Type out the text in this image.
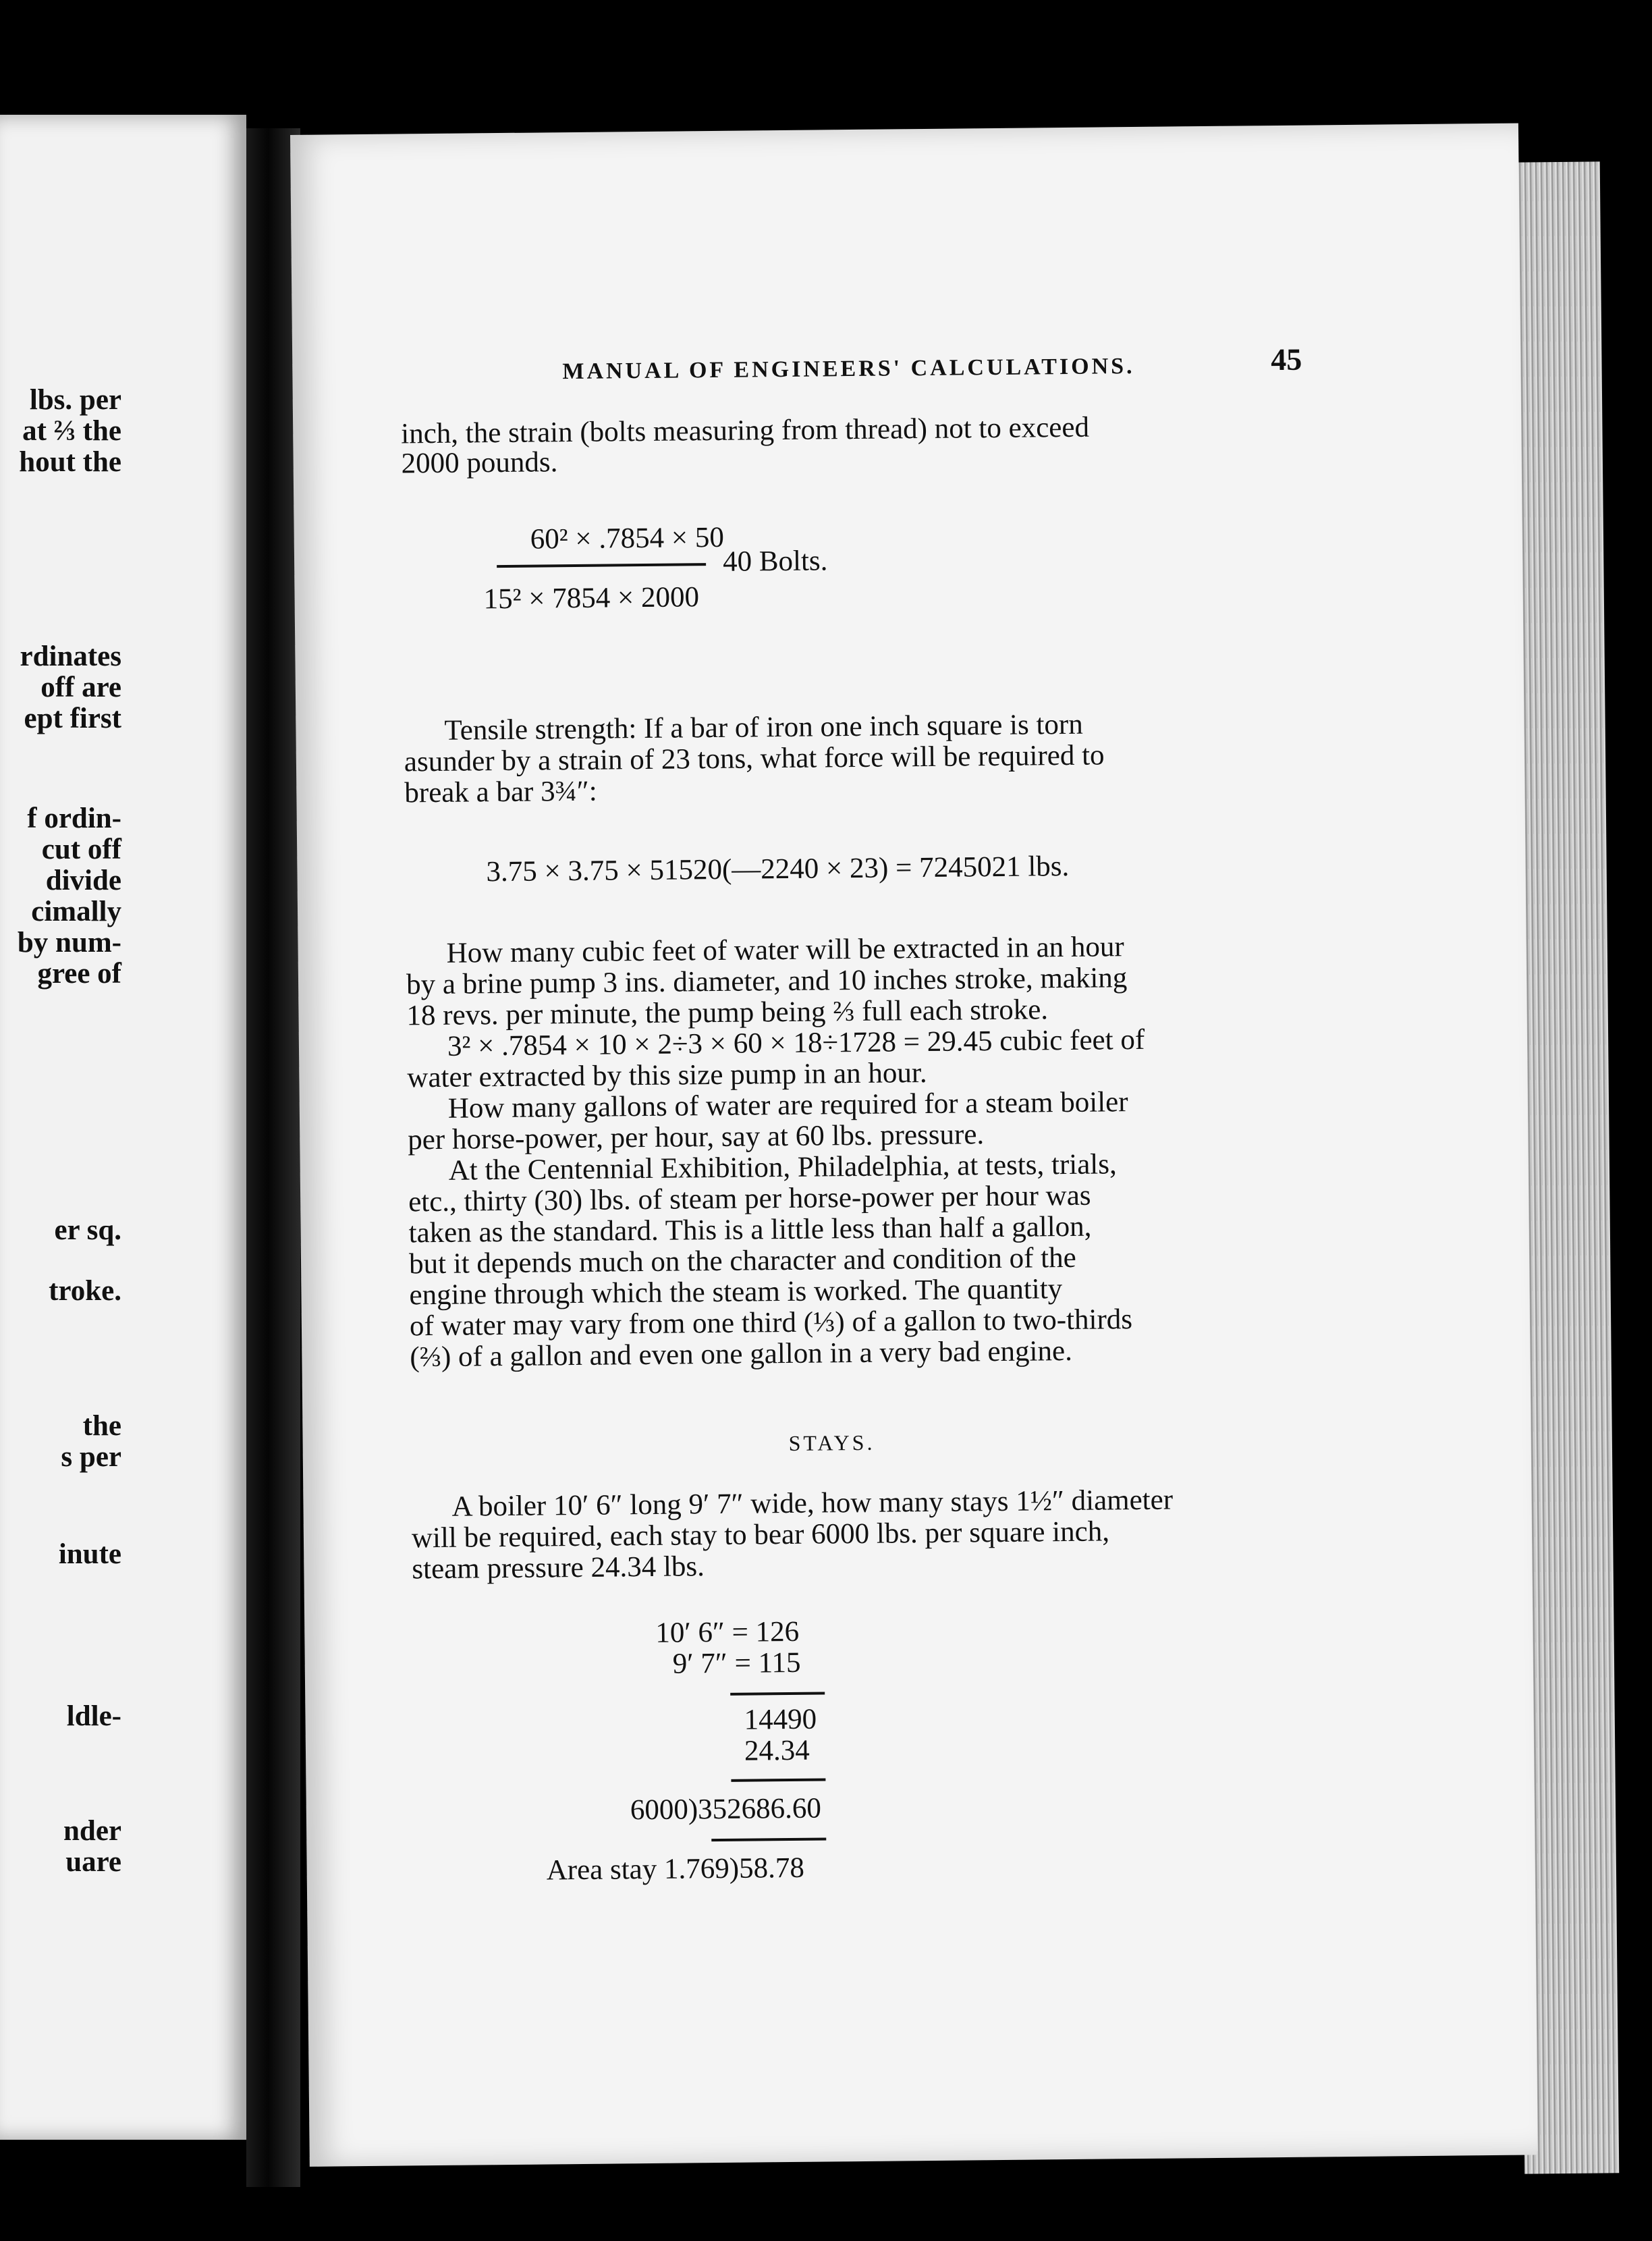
lbs. per
at ⅔ the
hout the
rdinates
off are
ept first
f ordin-
cut off
divide
cimally
by num-
gree of
er sq.
troke.
the
s per
inute
ldle-
nder
uare
MANUAL OF ENGINEERS' CALCULATIONS.	45
inch, the strain (bolts measuring from thread) not to exceed
2000 pounds.
60² × .7854 × 50
40 Bolts.
15² × 7854 × 2000
Tensile strength: If a bar of iron one inch square is torn
asunder by a strain of 23 tons, what force will be required to
break a bar 3¾″:
3.75 × 3.75 × 51520(—2240 × 23) = 7245021 lbs.
How many cubic feet of water will be extracted in an hour
by a brine pump 3 ins. diameter, and 10 inches stroke, making
18 revs. per minute, the pump being ⅔ full each stroke.
3² × .7854 × 10 × 2÷3 × 60 × 18÷1728 = 29.45 cubic feet of
water extracted by this size pump in an hour.
How many gallons of water are required for a steam boiler
per horse-power, per hour, say at 60 lbs. pressure.
At the Centennial Exhibition, Philadelphia, at tests, trials,
etc., thirty (30) lbs. of steam per horse-power per hour was
taken as the standard. This is a little less than half a gallon,
but it depends much on the character and condition of the
engine through which the steam is worked. The quantity
of water may vary from one third (⅓) of a gallon to two-thirds
(⅔) of a gallon and even one gallon in a very bad engine.
STAYS.
A boiler 10′ 6″ long 9′ 7″ wide, how many stays 1½″ diameter
will be required, each stay to bear 6000 lbs. per square inch,
steam pressure 24.34 lbs.
10′ 6″ = 126
9′ 7″ = 115
14490
24.34
6000)352686.60
Area stay 1.769)58.78
